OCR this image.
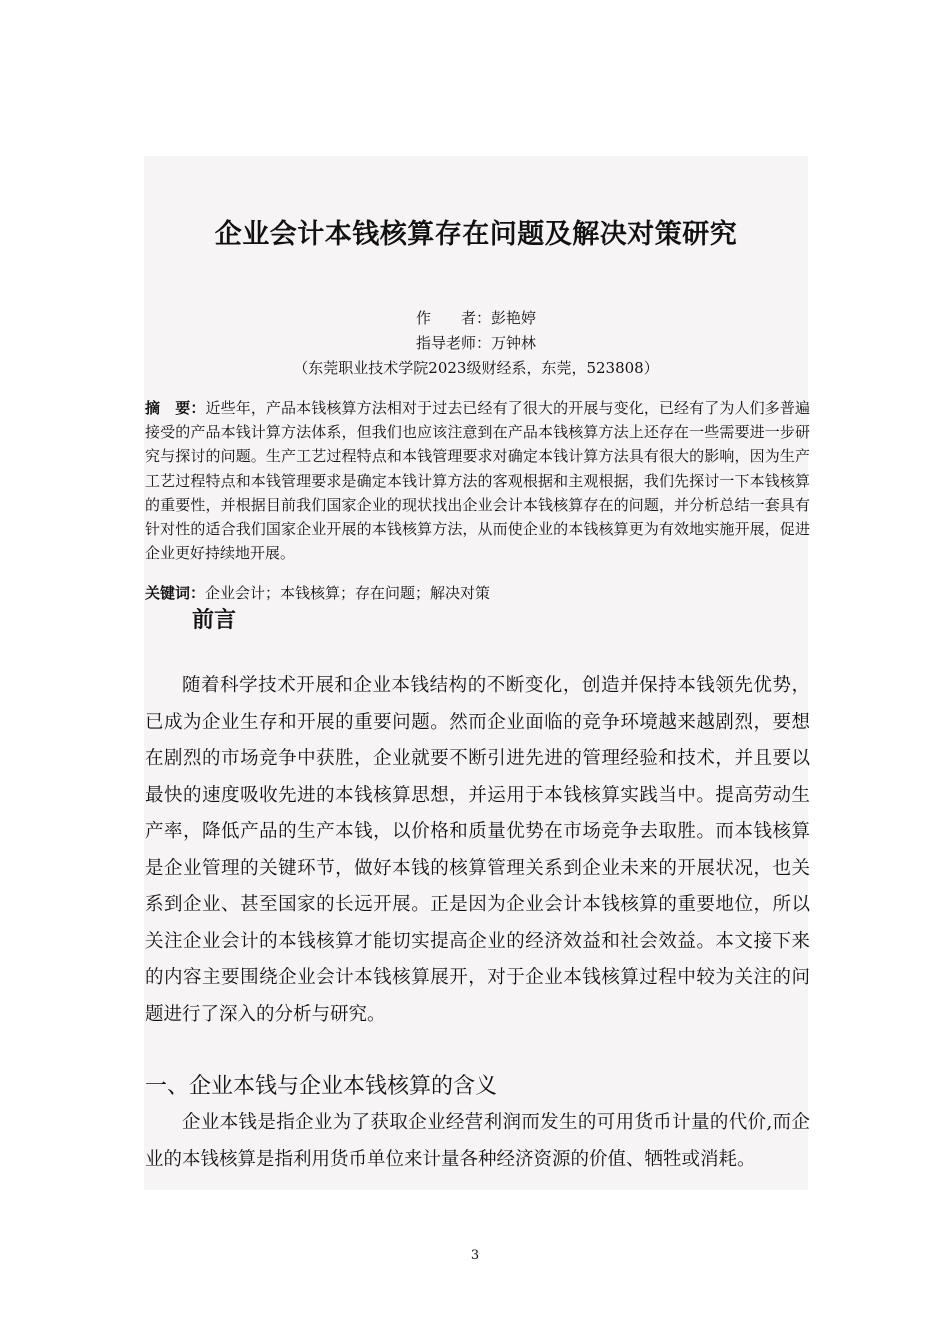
企业会计本钱核算存在问题及解决对策研究
作　　者：彭艳婷
指导老师：万钟林
（东莞职业技术学院2023级财经系，东莞，523808）
摘　要：近些年，产品本钱核算方法相对于过去已经有了很大的开展与变化，已经有了为人们多普遍接受的产品本钱计算方法体系，但我们也应该注意到在产品本钱核算方法上还存在一些需要进一步研究与探讨的问题。生产工艺过程特点和本钱管理要求对确定本钱计算方法具有很大的影响，因为生产工艺过程特点和本钱管理要求是确定本钱计算方法的客观根据和主观根据，我们先探讨一下本钱核算的重要性，并根据目前我们国家企业的现状找出企业会计本钱核算存在的问题，并分析总结一套具有针对性的适合我们国家企业开展的本钱核算方法，从而使企业的本钱核算更为有效地实施开展，促进企业更好持续地开展。
关键词：企业会计；本钱核算；存在问题；解决对策
前言

随着科学技术开展和企业本钱结构的不断变化，创造并保持本钱领先优势，已成为企业生存和开展的重要问题。然而企业面临的竞争环境越来越剧烈，要想在剧烈的市场竞争中获胜，企业就要不断引进先进的管理经验和技术，并且要以最快的速度吸收先进的本钱核算思想，并运用于本钱核算实践当中。提高劳动生产率，降低产品的生产本钱，以价格和质量优势在市场竞争去取胜。而本钱核算是企业管理的关键环节，做好本钱的核算管理关系到企业未来的开展状况，也关系到企业、甚至国家的长远开展。正是因为企业会计本钱核算的重要地位，所以关注企业会计的本钱核算才能切实提高企业的经济效益和社会效益。本文接下来的内容主要围绕企业会计本钱核算展开，对于企业本钱核算过程中较为关注的问题进行了深入的分析与研究。

一、企业本钱与企业本钱核算的含义

企业本钱是指企业为了获取企业经营利润而发生的可用货币计量的代价,而企业的本钱核算是指利用货币单位来计量各种经济资源的价值、牺牲或消耗。

3
